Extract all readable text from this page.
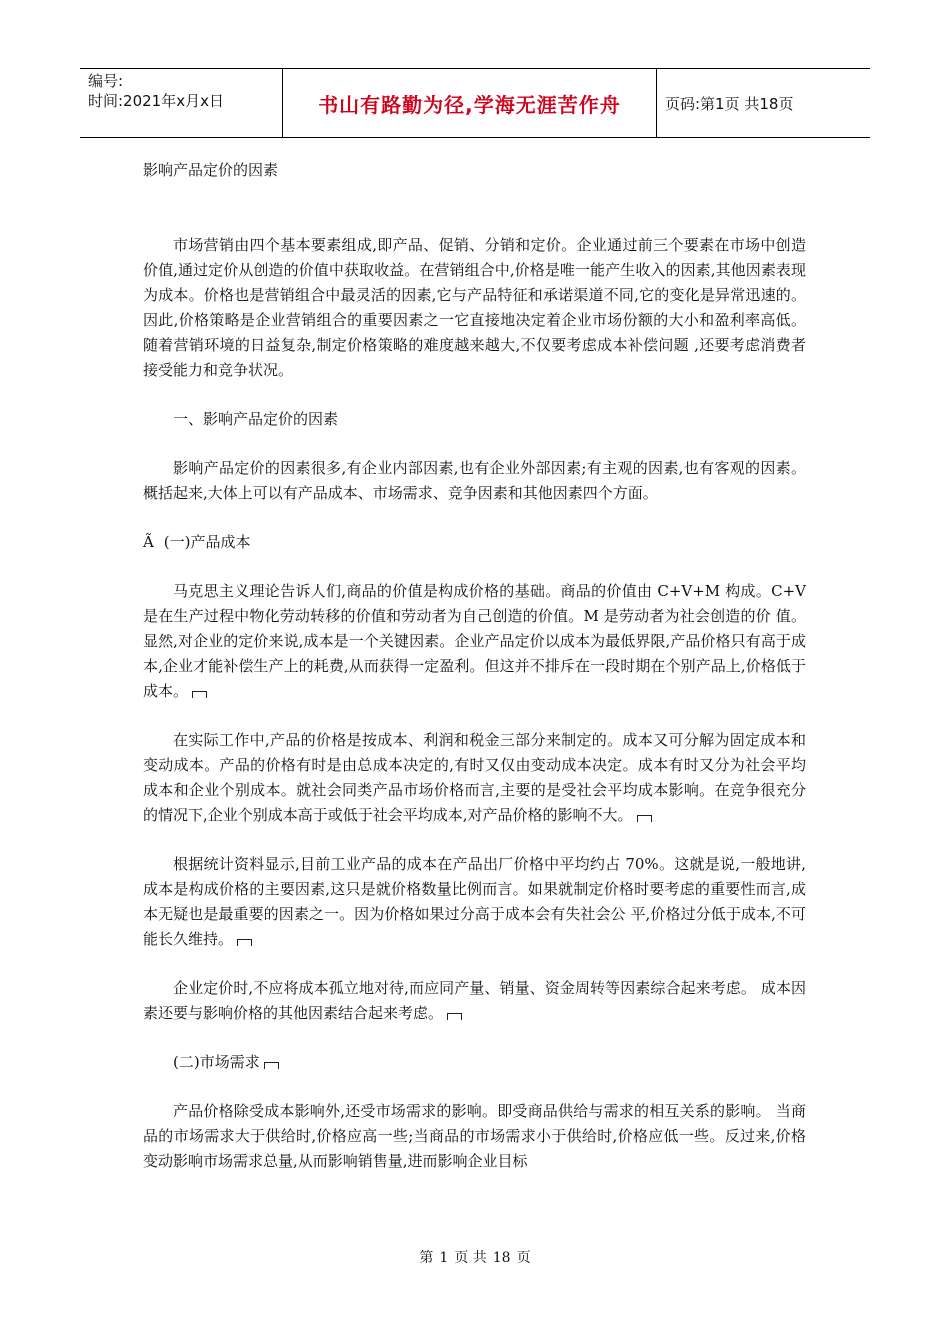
编号:
时间:2021年x月x日	书山有路勤为径,学海无涯苦作舟	页码:第1页 共18页

影响产品定价的因素

市场营销由四个基本要素组成,即产品、促销、分销和定价。企业通过前三个要素在市场中创造价值,通过定价从创造的价值中获取收益。在营销组合中,价格是唯一能产生收入的因素,其他因素表现为成本。价格也是营销组合中最灵活的因素,它与产品特征和承诺渠道不同,它的变化是异常迅速的。因此,价格策略是企业营销组合的重要因素之一它直接地决定着企业市场份额的大小和盈利率高低。随着营销环境的日益复杂,制定价格策略的难度越来越大,不仅要考虑成本补偿问题 ,还要考虑消费者接受能力和竞争状况。

一、影响产品定价的因素

影响产品定价的因素很多,有企业内部因素,也有企业外部因素;有主观的因素,也有客观的因素。概括起来,大体上可以有产品成本、市场需求、竞争因素和其他因素四个方面。

Ã (一)产品成本

马克思主义理论告诉人们,商品的价值是构成价格的基础。商品的价值由 C+V+M 构成。C+V 是在生产过程中物化劳动转移的价值和劳动者为自己创造的价值。M 是劳动者为社会创造的价 值。显然,对企业的定价来说,成本是一个关键因素。企业产品定价以成本为最低界限,产品价格只有高于成本,企业才能补偿生产上的耗费,从而获得一定盈利。但这并不排斥在一段时期在个别产品上,价格低于成本。

在实际工作中,产品的价格是按成本、利润和税金三部分来制定的。成本又可分解为固定成本和变动成本。产品的价格有时是由总成本决定的,有时又仅由变动成本决定。成本有时又分为社会平均成本和企业个别成本。就社会同类产品市场价格而言,主要的是受社会平均成本影响。在竞争很充分的情况下,企业个别成本高于或低于社会平均成本,对产品价格的影响不大。

根据统计资料显示,目前工业产品的成本在产品出厂价格中平均约占 70%。这就是说,一般地讲,成本是构成价格的主要因素,这只是就价格数量比例而言。如果就制定价格时要考虑的重要性而言,成本无疑也是最重要的因素之一。因为价格如果过分高于成本会有失社会公 平,价格过分低于成本,不可能长久维持。

企业定价时,不应将成本孤立地对待,而应同产量、销量、资金周转等因素综合起来考虑。 成本因素还要与影响价格的其他因素结合起来考虑。

(二)市场需求

产品价格除受成本影响外,还受市场需求的影响。即受商品供给与需求的相互关系的影响。 当商品的市场需求大于供给时,价格应高一些;当商品的市场需求小于供给时,价格应低一些。反过来,价格变动影响市场需求总量,从而影响销售量,进而影响企业目标

第 1 页 共 18 页
